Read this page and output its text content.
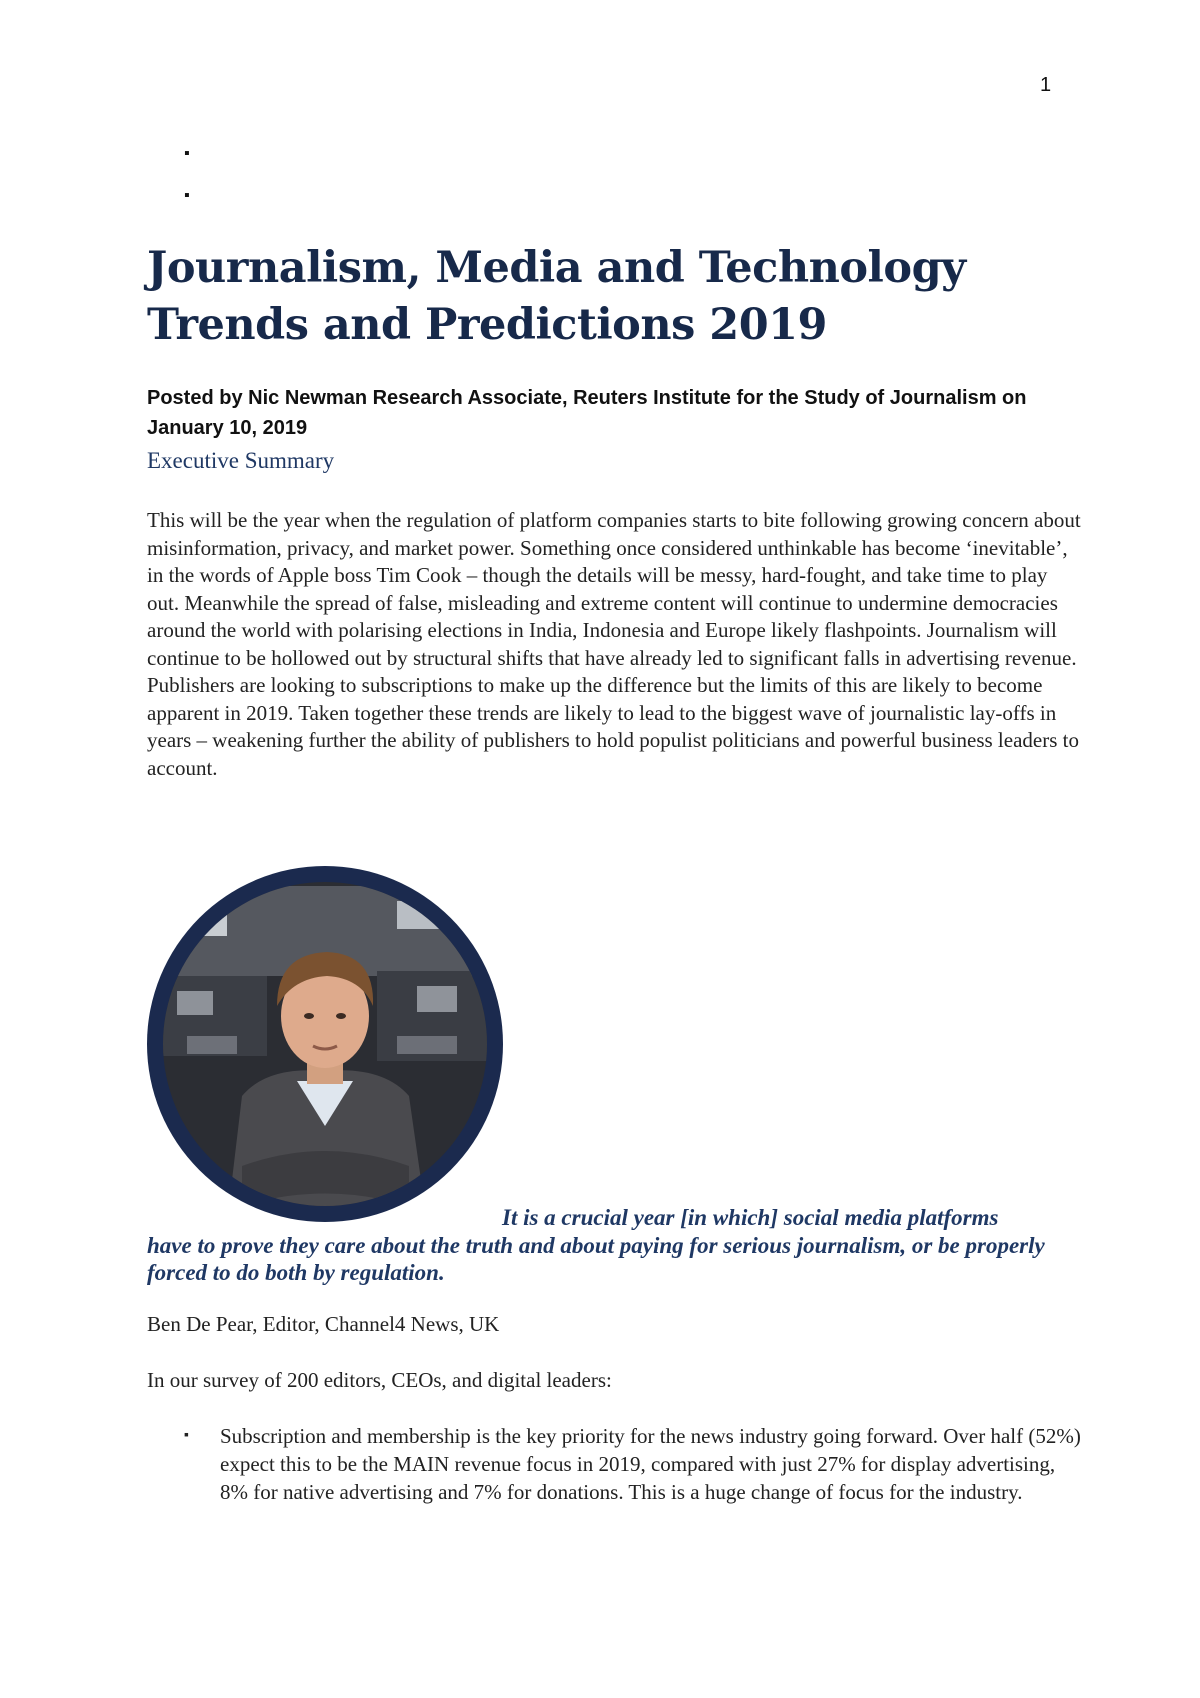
1
▪
▪
Journalism, Media and Technology Trends and Predictions 2019

Posted by Nic Newman Research Associate, Reuters Institute for the Study of Journalism on January 10, 2019

Executive Summary

This will be the year when the regulation of platform companies starts to bite following growing concern about misinformation, privacy, and market power. Something once considered unthinkable has become ‘inevitable’, in the words of Apple boss Tim Cook – though the details will be messy, hard-fought, and take time to play out. Meanwhile the spread of false, misleading and extreme content will continue to undermine democracies around the world with polarising elections in India, Indonesia and Europe likely flashpoints. Journalism will continue to be hollowed out by structural shifts that have already led to significant falls in advertising revenue. Publishers are looking to subscriptions to make up the difference but the limits of this are likely to become apparent in 2019. Taken together these trends are likely to lead to the biggest wave of journalistic lay-offs in years – weakening further the ability of publishers to hold populist politicians and powerful business leaders to account.

It is a crucial year [in which] social media platforms have to prove they care about the truth and about paying for serious journalism, or be properly forced to do both by regulation.

Ben De Pear, Editor, Channel4 News, UK

In our survey of 200 editors, CEOs, and digital leaders:

▪ Subscription and membership is the key priority for the news industry going forward. Over half (52%) expect this to be the MAIN revenue focus in 2019, compared with just 27% for display advertising, 8% for native advertising and 7% for donations. This is a huge change of focus for the industry.
